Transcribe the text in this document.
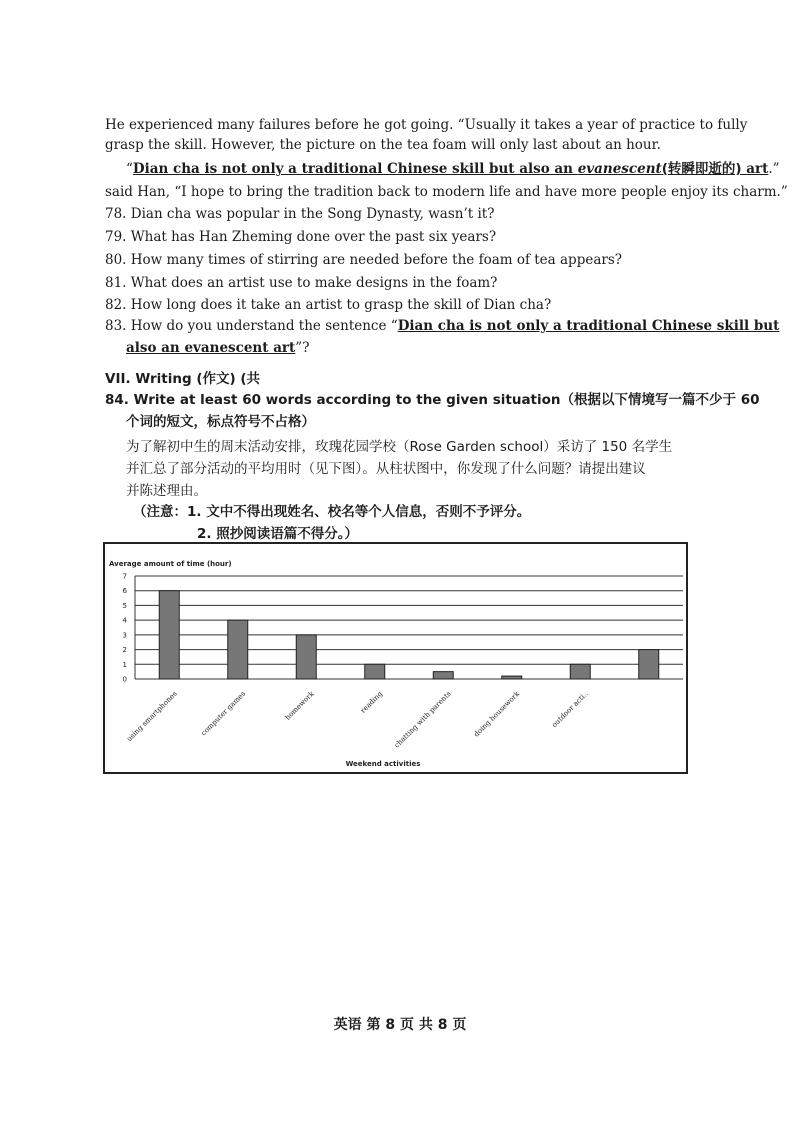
He experienced many failures before he got going. “Usually it takes a year of practice to fully
grasp the skill. However, the picture on the tea foam will only last about an hour.
“Dian cha is not only a traditional Chinese skill but also an evanescent(转瞬即逝的) art.”
said Han, “I hope to bring the tradition back to modern life and have more people enjoy its charm.”
78. Dian cha was popular in the Song Dynasty, wasn’t it?
79. What has Han Zheming done over the past six years?
80. How many times of stirring are needed before the foam of tea appears?
81. What does an artist use to make designs in the foam?
82. How long does it take an artist to grasp the skill of Dian cha?
83. How do you understand the sentence “Dian cha is not only a traditional Chinese skill but
also an evanescent art”?
VII. Writing (作文) (共
84. Write at least 60 words according to the given situation（根据以下情境写一篇不少于 60
个词的短文，标点符号不占格）
为了解初中生的周末活动安排，玫瑰花园学校（Rose Garden school）采访了 150 名学生
并汇总了部分活动的平均用时（见下图）。从柱状图中，你发现了什么问题？请提出建议
并陈述理由。
（注意：1. 文中不得出现姓名、校名等个人信息，否则不予评分。
2. 照抄阅读语篇不得分。）
Average amount of time (hour)
0
1
2
3
4
5
6
7
using smartphones	computer games	homework	reading chatting with parents	doing housework	outdoor acti..
Weekend activities
英语 第 8 页 共 8 页
